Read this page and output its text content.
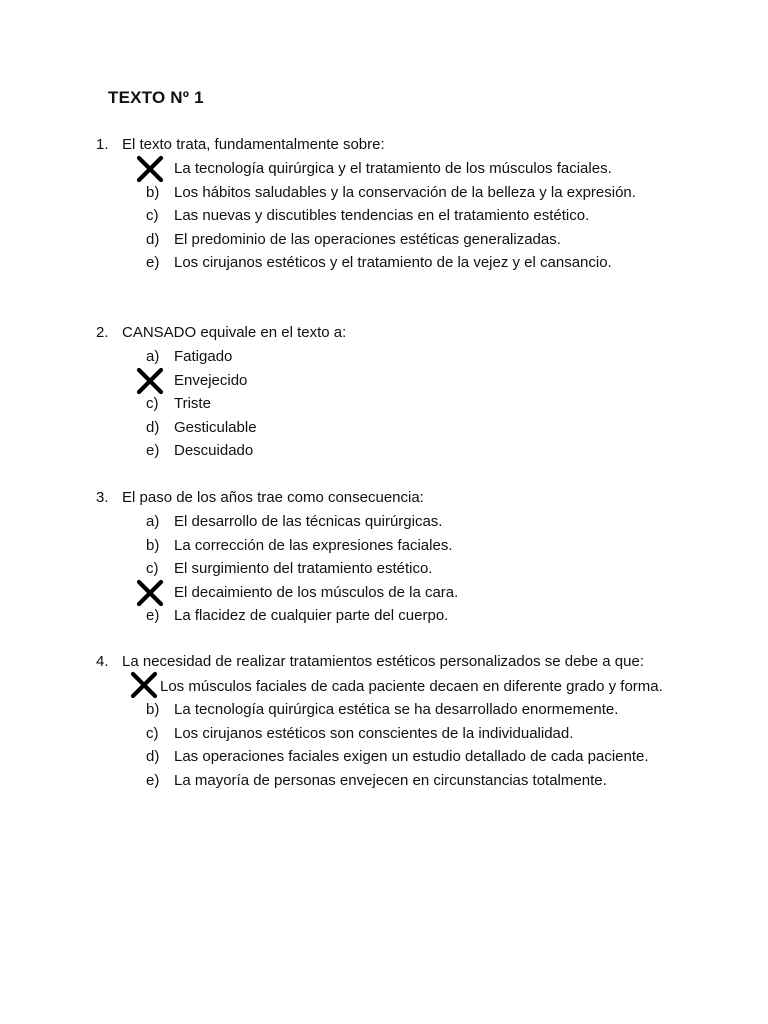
TEXTO Nº 1
1. El texto trata, fundamentalmente sobre:
La tecnología quirúrgica y el tratamiento de los músculos faciales.
b) Los hábitos saludables y la conservación de la belleza y la expresión.
c) Las nuevas y discutibles tendencias en el tratamiento estético.
d) El predominio de las operaciones estéticas generalizadas.
e) Los cirujanos estéticos y el tratamiento de la vejez y el cansancio.
2. CANSADO equivale en el texto a:
a) Fatigado
Envejecido
c) Triste
d) Gesticulable
e) Descuidado
3. El paso de los años trae como consecuencia:
a) El desarrollo de las técnicas quirúrgicas.
b) La corrección de las expresiones faciales.
c) El surgimiento del tratamiento estético.
El decaimiento de los músculos de la cara.
e) La flacidez de cualquier parte del cuerpo.
4. La necesidad de realizar tratamientos estéticos personalizados se debe a que:
Los músculos faciales de cada paciente decaen en diferente grado y forma.
b) La tecnología quirúrgica estética se ha desarrollado enormemente.
c) Los cirujanos estéticos son conscientes de la individualidad.
d) Las operaciones faciales exigen un estudio detallado de cada paciente.
e) La mayoría de personas envejecen en circunstancias totalmente.
